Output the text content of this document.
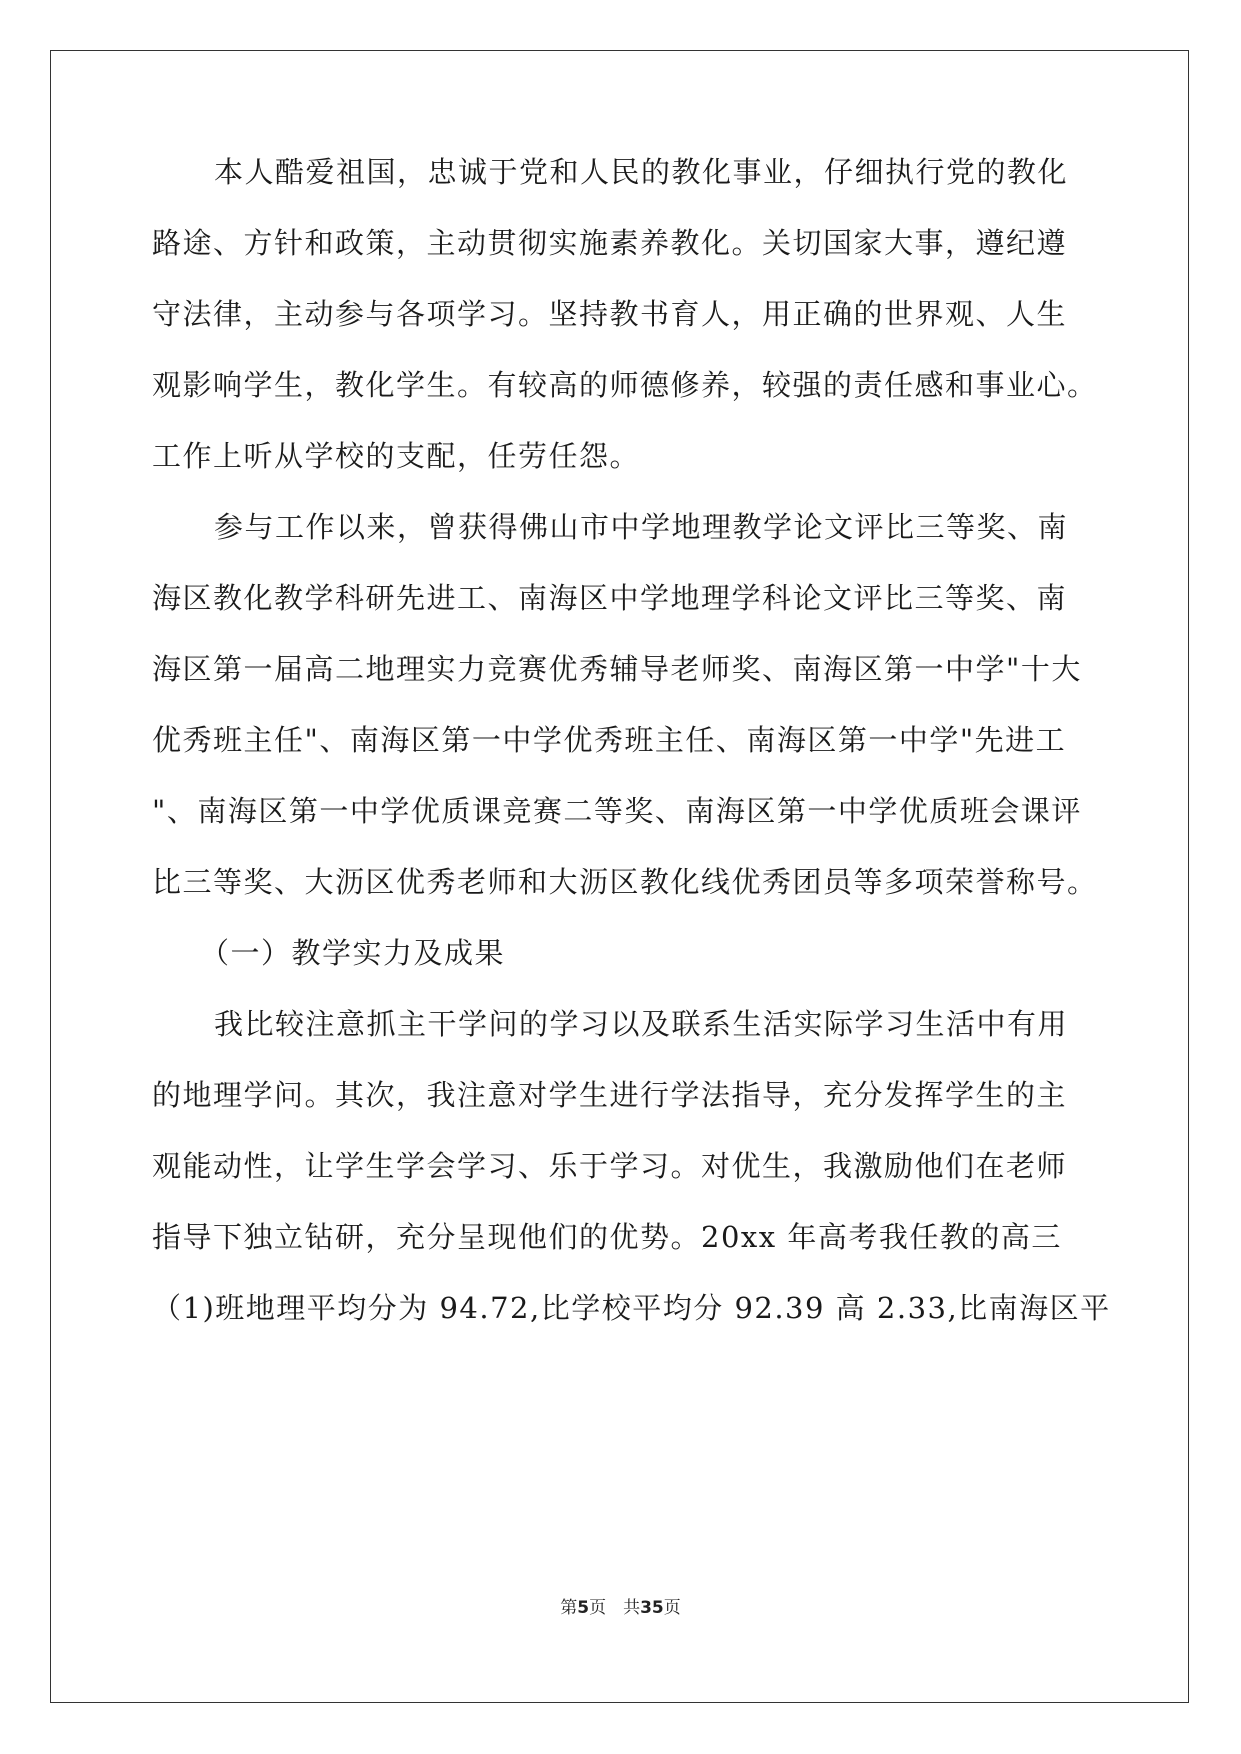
本人酷爱祖国，忠诚于党和人民的教化事业，仔细执行党的教化
路途、方针和政策，主动贯彻实施素养教化。关切国家大事，遵纪遵
守法律，主动参与各项学习。坚持教书育人，用正确的世界观、人生
观影响学生，教化学生。有较高的师德修养，较强的责任感和事业心。
工作上听从学校的支配，任劳任怨。
参与工作以来，曾获得佛山市中学地理教学论文评比三等奖、南
海区教化教学科研先进工、南海区中学地理学科论文评比三等奖、南
海区第一届高二地理实力竞赛优秀辅导老师奖、南海区第一中学"十大
优秀班主任"、南海区第一中学优秀班主任、南海区第一中学"先进工
"、南海区第一中学优质课竞赛二等奖、南海区第一中学优质班会课评
比三等奖、大沥区优秀老师和大沥区教化线优秀团员等多项荣誉称号。
（一）教学实力及成果
我比较注意抓主干学问的学习以及联系生活实际学习生活中有用
的地理学问。其次，我注意对学生进行学法指导，充分发挥学生的主
观能动性，让学生学会学习、乐于学习。对优生，我激励他们在老师
指导下独立钻研，充分呈现他们的优势。20xx 年高考我任教的高三
（1)班地理平均分为 94.72,比学校平均分 92.39 高 2.33,比南海区平
第5页　共35页
